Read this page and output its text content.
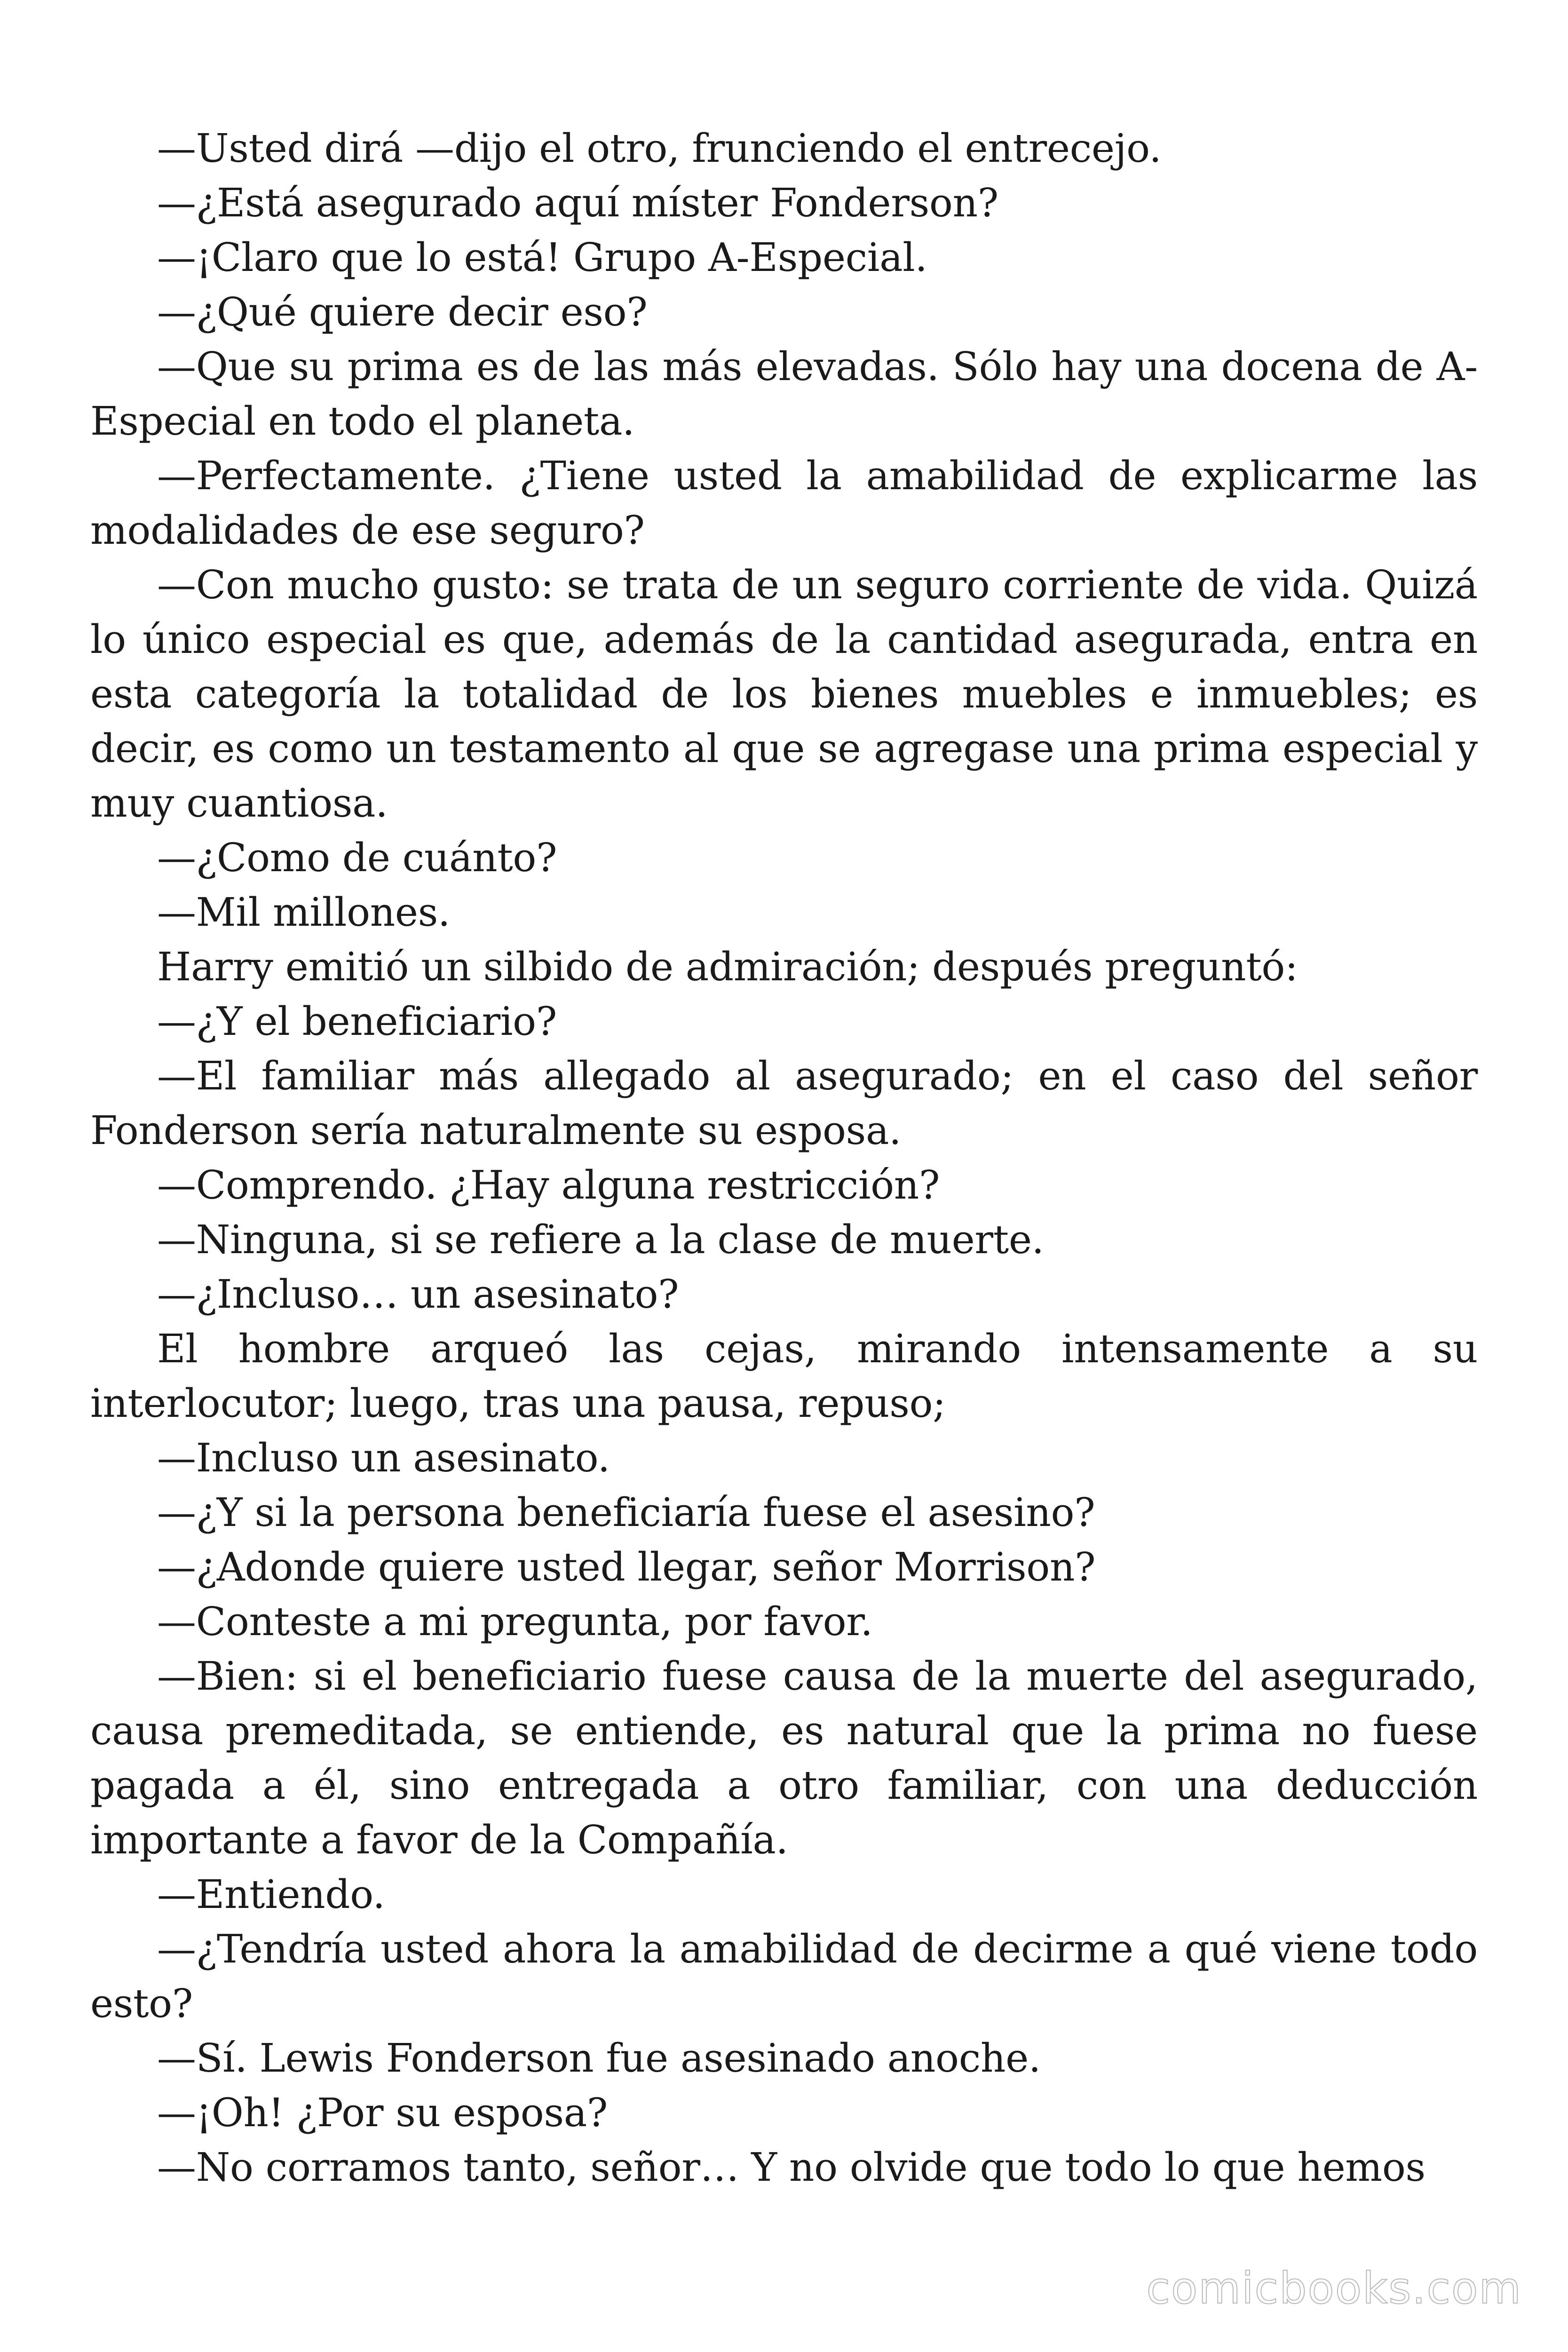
—Usted dirá —dijo el otro, frunciendo el entrecejo.

—¿Está asegurado aquí míster Fonderson?

—¡Claro que lo está! Grupo A-Especial.

—¿Qué quiere decir eso?

—Que su prima es de las más elevadas. Sólo hay una docena de A-Especial en todo el planeta.

—Perfectamente. ¿Tiene usted la amabilidad de explicarme las modalidades de ese seguro?

—Con mucho gusto: se trata de un seguro corriente de vida. Quizá lo único especial es que, además de la cantidad asegurada, entra en esta categoría la totalidad de los bienes muebles e inmuebles; es decir, es como un testamento al que se agregase una prima especial y muy cuantiosa.

—¿Como de cuánto?

—Mil millones.

Harry emitió un silbido de admiración; después preguntó:

—¿Y el beneficiario?

—El familiar más allegado al asegurado; en el caso del señor Fonderson sería naturalmente su esposa.

—Comprendo. ¿Hay alguna restricción?

—Ninguna, si se refiere a la clase de muerte.

—¿Incluso… un asesinato?

El hombre arqueó las cejas, mirando intensamente a su interlocutor; luego, tras una pausa, repuso;

—Incluso un asesinato.

—¿Y si la persona beneficiaría fuese el asesino?

—¿Adonde quiere usted llegar, señor Morrison?

—Conteste a mi pregunta, por favor.

—Bien: si el beneficiario fuese causa de la muerte del asegurado, causa premeditada, se entiende, es natural que la prima no fuese pagada a él, sino entregada a otro familiar, con una deducción importante a favor de la Compañía.

—Entiendo.

—¿Tendría usted ahora la amabilidad de decirme a qué viene todo esto?

—Sí. Lewis Fonderson fue asesinado anoche.

—¡Oh! ¿Por su esposa?

—No corramos tanto, señor… Y no olvide que todo lo que hemos

comicbooks.com
